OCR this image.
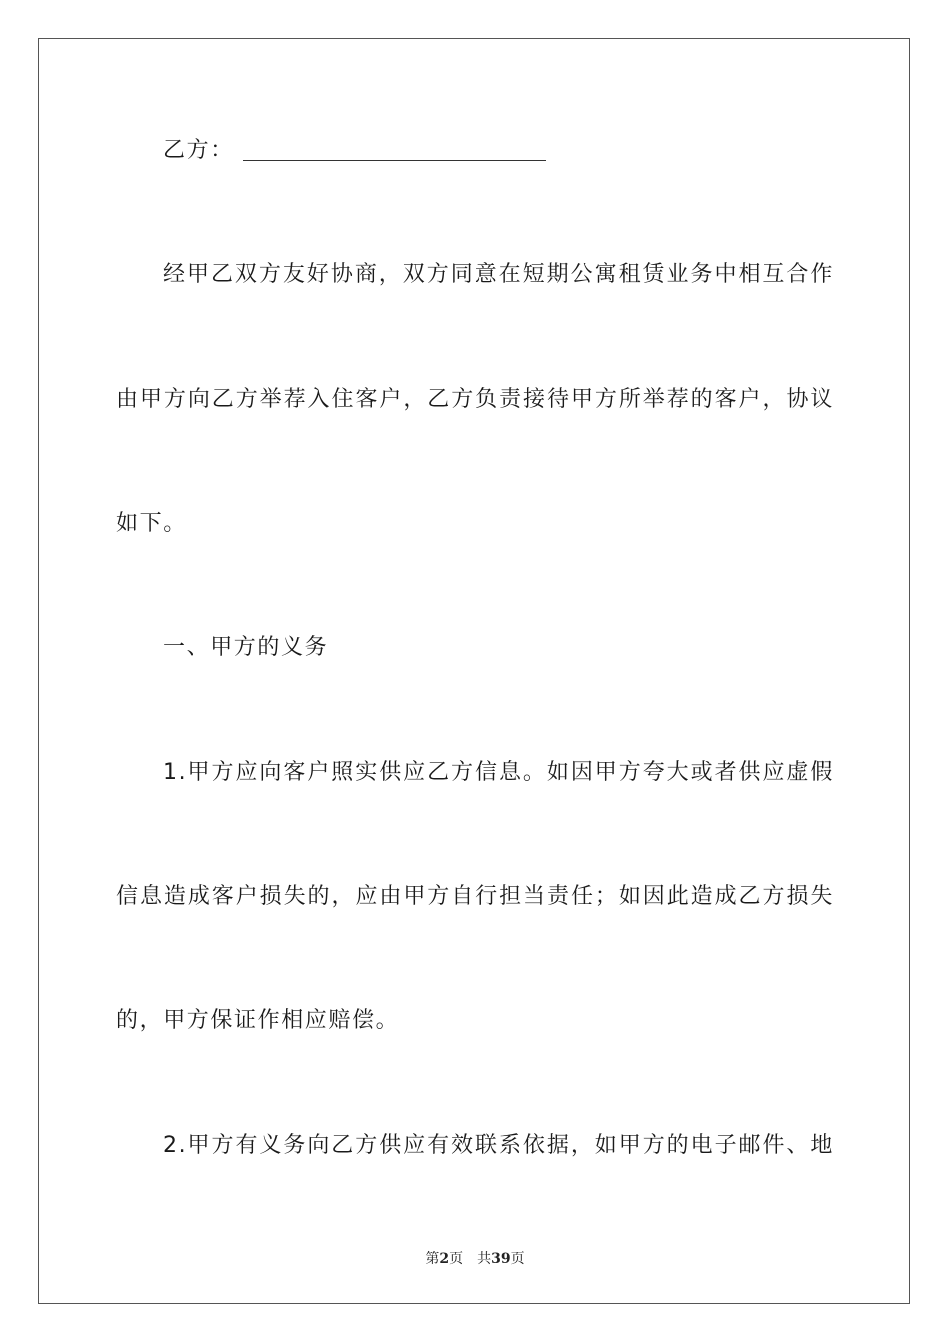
乙方：
经甲乙双方友好协商，双方同意在短期公寓租赁业务中相互合作
由甲方向乙方举荐入住客户，乙方负责接待甲方所举荐的客户，协议
如下。
一、甲方的义务
1.甲方应向客户照实供应乙方信息。如因甲方夸大或者供应虚假
信息造成客户损失的，应由甲方自行担当责任；如因此造成乙方损失
的，甲方保证作相应赔偿。
2.甲方有义务向乙方供应有效联系依据，如甲方的电子邮件、地
第2页 共39页
